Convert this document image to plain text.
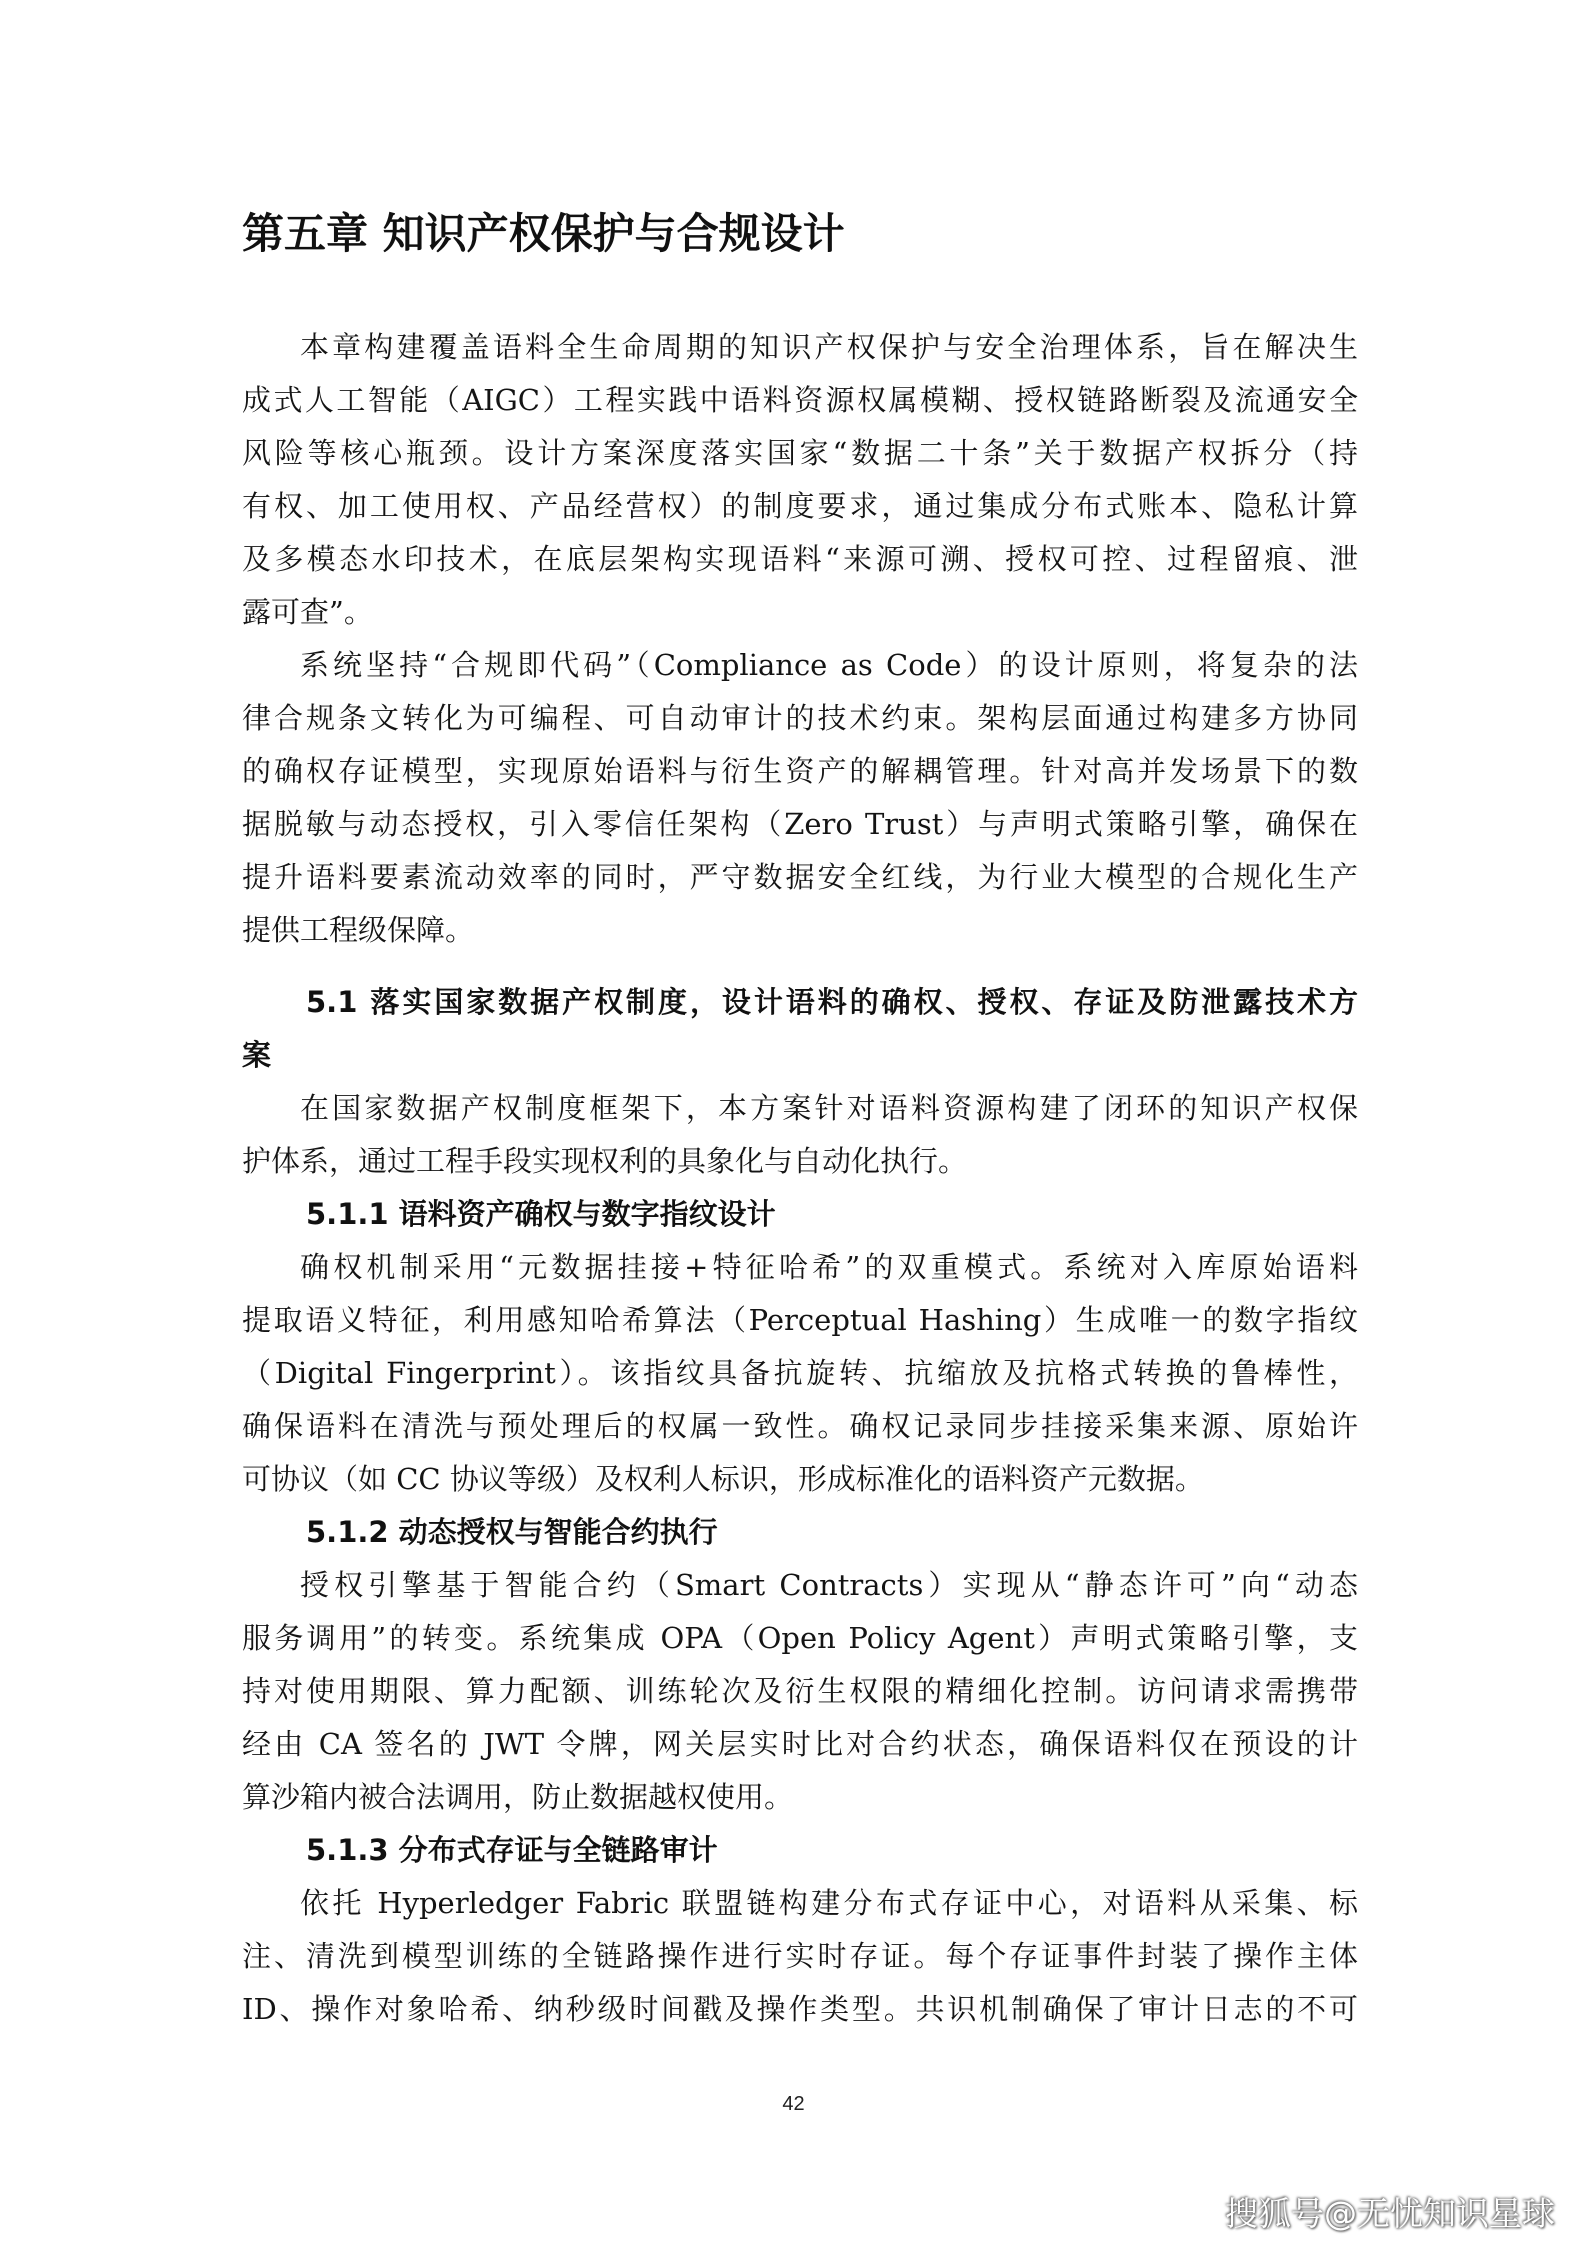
第五章 知识产权保护与合规设计

本章构建覆盖语料全生命周期的知识产权保护与安全治理体系，旨在解决生

成式人工智能（AIGC）工程实践中语料资源权属模糊、授权链路断裂及流通安全

风险等核心瓶颈。设计方案深度落实国家“数据二十条”关于数据产权拆分（持

有权、加工使用权、产品经营权）的制度要求，通过集成分布式账本、隐私计算

及多模态水印技术，在底层架构实现语料“来源可溯、授权可控、过程留痕、泄

露可查”。

系统坚持“合规即代码”（Compliance as Code）的设计原则，将复杂的法

律合规条文转化为可编程、可自动审计的技术约束。架构层面通过构建多方协同

的确权存证模型，实现原始语料与衍生资产的解耦管理。针对高并发场景下的数

据脱敏与动态授权，引入零信任架构（Zero Trust）与声明式策略引擎，确保在

提升语料要素流动效率的同时，严守数据安全红线，为行业大模型的合规化生产

提供工程级保障。

5.1 落实国家数据产权制度，设计语料的确权、授权、存证及防泄露技术方

案

在国家数据产权制度框架下，本方案针对语料资源构建了闭环的知识产权保

护体系，通过工程手段实现权利的具象化与自动化执行。

5.1.1 语料资产确权与数字指纹设计

确权机制采用“元数据挂接+特征哈希”的双重模式。系统对入库原始语料

提取语义特征，利用感知哈希算法（Perceptual Hashing）生成唯一的数字指纹

（Digital Fingerprint）。该指纹具备抗旋转、抗缩放及抗格式转换的鲁棒性，

确保语料在清洗与预处理后的权属一致性。确权记录同步挂接采集来源、原始许

可协议（如 CC 协议等级）及权利人标识，形成标准化的语料资产元数据。

5.1.2 动态授权与智能合约执行

授权引擎基于智能合约（Smart Contracts）实现从“静态许可”向“动态

服务调用”的转变。系统集成 OPA（Open Policy Agent）声明式策略引擎，支

持对使用期限、算力配额、训练轮次及衍生权限的精细化控制。访问请求需携带

经由 CA 签名的 JWT 令牌，网关层实时比对合约状态，确保语料仅在预设的计

算沙箱内被合法调用，防止数据越权使用。

5.1.3 分布式存证与全链路审计

依托 Hyperledger Fabric 联盟链构建分布式存证中心，对语料从采集、标

注、清洗到模型训练的全链路操作进行实时存证。每个存证事件封装了操作主体

ID、操作对象哈希、纳秒级时间戳及操作类型。共识机制确保了审计日志的不可

42
搜狐号@无忧知识星球
